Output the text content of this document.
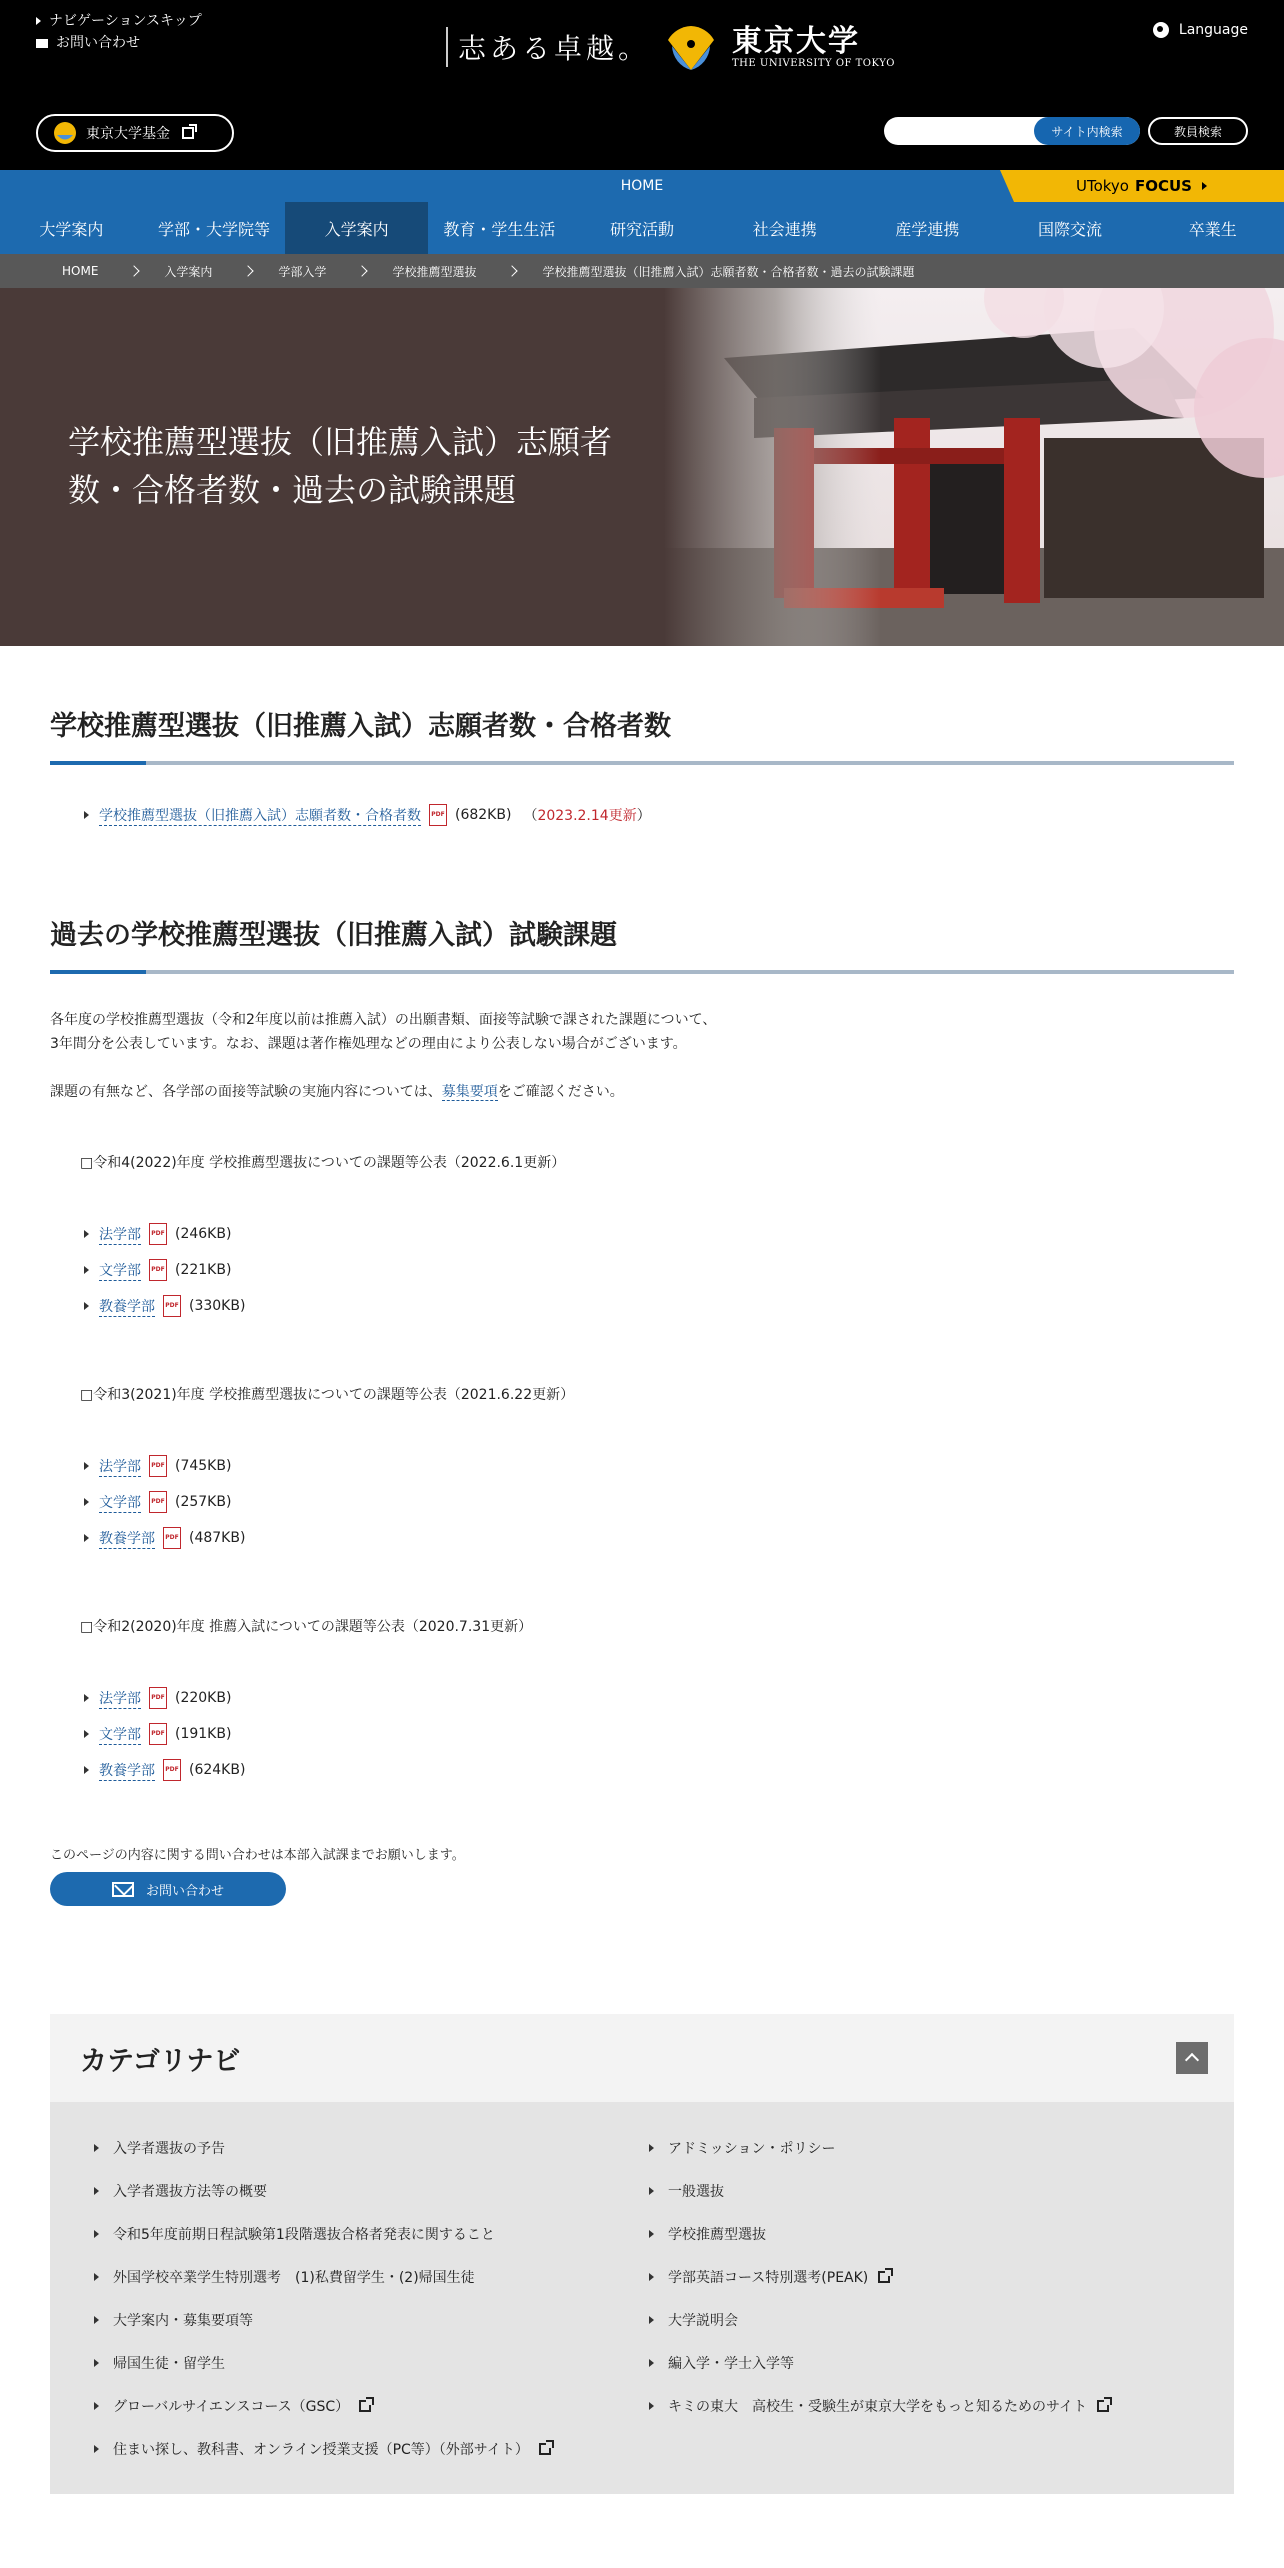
ナビゲーションスキップ
お問い合わせ	志ある卓越。	東京大学
THE UNIVERSITY OF TOKYO
Language
東京大学基金	サイト内検索	教員検索
HOME	UTokyo FOCUS
大学案内	学部・大学院等	入学案内	教育・学生生活	研究活動	社会連携	産学連携	国際交流	卒業生
HOME	入学案内	学部入学	学校推薦型選抜	学校推薦型選抜（旧推薦入試）志願者数・合格者数・過去の試験課題
学校推薦型選抜（旧推薦入試）志願者数・合格者数・過去の試験課題
学校推薦型選抜（旧推薦入試）志願者数・合格者数
学校推薦型選抜（旧推薦入試）志願者数・合格者数	PDF (682KB) （ 2023.2.14更新 ）
過去の学校推薦型選抜（旧推薦入試）試験課題

各年度の学校推薦型選抜（令和2年度以前は推薦入試）の出願書類、面接等試験で課された課題について、
3年間分を公表しています。なお、課題は著作権処理などの理由により公表しない場合がございます。

課題の有無など、各学部の面接等試験の実施内容については、募集要項をご確認ください。

□令和4(2022)年度 学校推薦型選抜についての課題等公表（2022.6.1更新）

法学部	PDF (246KB)
文学部	PDF (221KB)
教養学部	PDF (330KB)

□令和3(2021)年度 学校推薦型選抜についての課題等公表（2021.6.22更新）

法学部	PDF (745KB)
文学部	PDF (257KB)
教養学部	PDF (487KB)

□令和2(2020)年度 推薦入試についての課題等公表（2020.7.31更新）

法学部	PDF (220KB)
文学部	PDF (191KB)
教養学部	PDF (624KB)

このページの内容に関する問い合わせは本部入試課までお願いします。

お問い合わせ
カテゴリナビ
入学者選抜の予告	アドミッション・ポリシー
入学者選抜方法等の概要	一般選抜
令和5年度前期日程試験第1段階選抜合格者発表に関すること	学校推薦型選抜
外国学校卒業学生特別選考　(1)私費留学生・(2)帰国生徒	学部英語コース特別選考(PEAK)
大学案内・募集要項等	大学説明会
帰国生徒・留学生	編入学・学士入学等
グローバルサイエンスコース（GSC）	キミの東大　高校生・受験生が東京大学をもっと知るためのサイト
住まい探し、教科書、オンライン授業支援（PC等）（外部サイト）
